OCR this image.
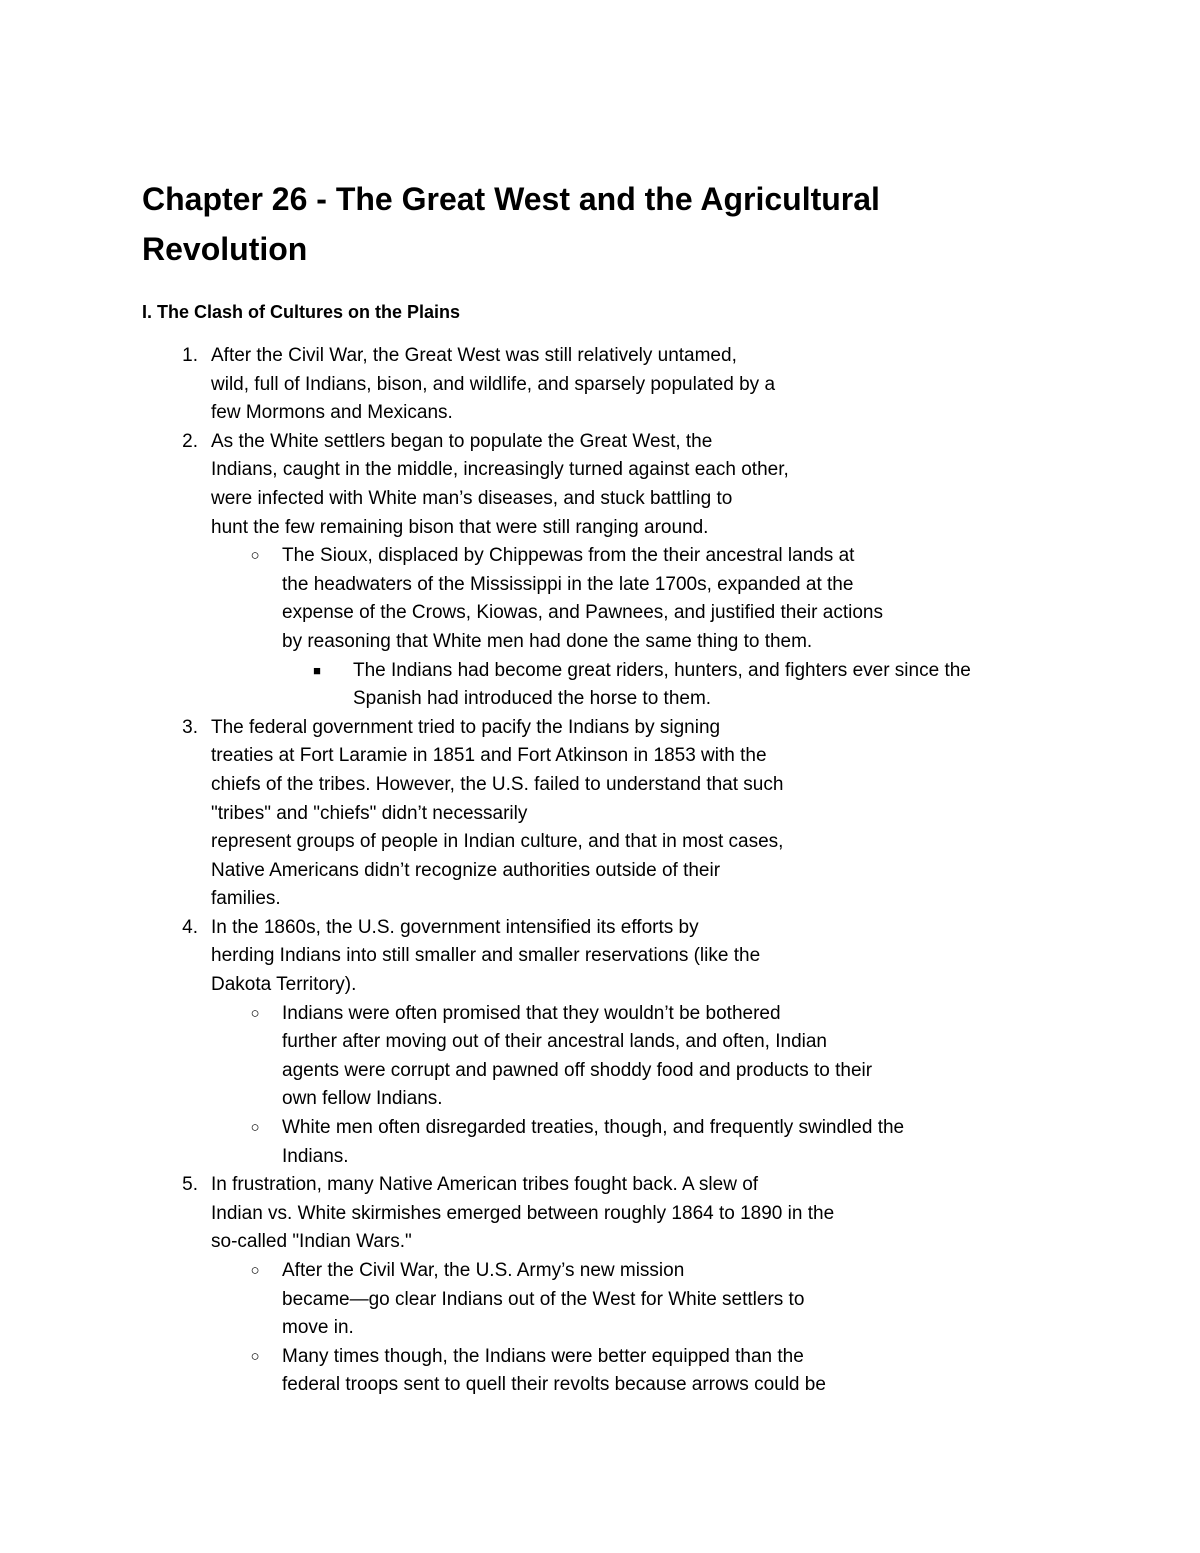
Chapter 26 - The Great West and the Agricultural
Revolution
I. The Clash of Cultures on the Plains
1. After the Civil War, the Great West was still relatively untamed,
wild, full of Indians, bison, and wildlife, and sparsely populated by a
few Mormons and Mexicans.
2. As the White settlers began to populate the Great West, the
Indians, caught in the middle, increasingly turned against each other,
were infected with White man’s diseases, and stuck battling to
hunt the few remaining bison that were still ranging around.
○ The Sioux, displaced by Chippewas from the their ancestral lands at
the headwaters of the Mississippi in the late 1700s, expanded at the
expense of the Crows, Kiowas, and Pawnees, and justified their actions
by reasoning that White men had done the same thing to them.
■ The Indians had become great riders, hunters, and fighters ever since the
Spanish had introduced the horse to them.
3. The federal government tried to pacify the Indians by signing
treaties at Fort Laramie in 1851 and Fort Atkinson in 1853 with the
chiefs of the tribes. However, the U.S. failed to understand that such
"tribes" and "chiefs" didn’t necessarily
represent groups of people in Indian culture, and that in most cases,
Native Americans didn’t recognize authorities outside of their
families.
4. In the 1860s, the U.S. government intensified its efforts by
herding Indians into still smaller and smaller reservations (like the
Dakota Territory).
○ Indians were often promised that they wouldn’t be bothered
further after moving out of their ancestral lands, and often, Indian
agents were corrupt and pawned off shoddy food and products to their
own fellow Indians.
○ White men often disregarded treaties, though, and frequently swindled the
Indians.
5. In frustration, many Native American tribes fought back. A slew of
Indian vs. White skirmishes emerged between roughly 1864 to 1890 in the
so-called "Indian Wars."
○ After the Civil War, the U.S. Army’s new mission
became—go clear Indians out of the West for White settlers to
move in.
○ Many times though, the Indians were better equipped than the
federal troops sent to quell their revolts because arrows could be
